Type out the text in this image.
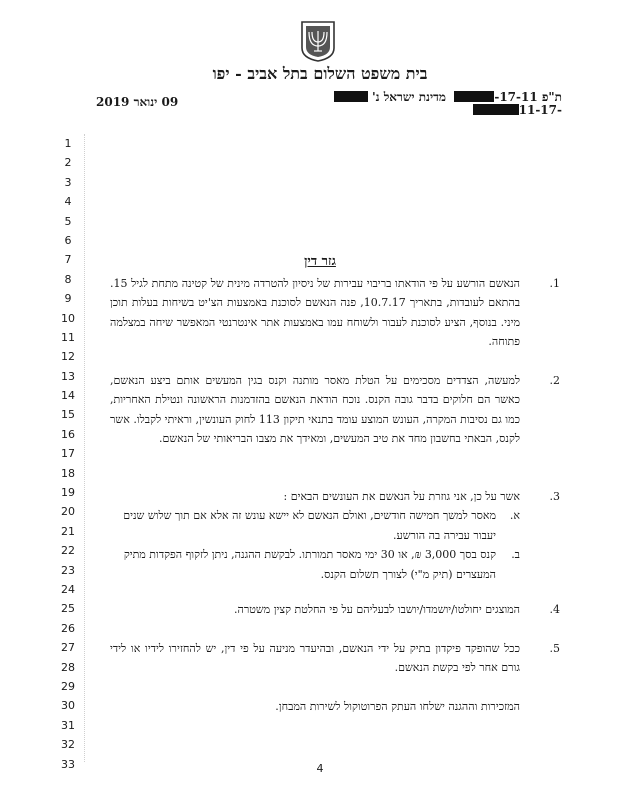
בית משפט השלום בתל אביב - יפו
ת"פ 17-11-  מדינת ישראל נ'
-11-17
09 ינואר 2019
1
2
3
4
5
6
7
8
9
10
11
12
13
14
15
16
17
18
19
20
21
22
23
24
25
26
27
28
29
30
31
32
33
גזר דין
1.
הנאשם הורשע על פי הודאתו בריבוי עבירות של ניסיון להטרדה מינית של קטינה מתחת לגיל 15. בהתאם לעובדות, בתאריך 10.7.17, פנה הנאשם לסוכנת באמצעות הצ'יט בשיחות בעלות תוכן מיני. בנוסף, הציע לסוכנת לעבור ולשוחח עמו באמצעות אתר אינטרנטי המאפשר שיחה במצלמה פתוחה.
2.
למעשה, הצדדים מסכימים על הטלת מאסר מותנה וקנס בגין המעשים אותם ביצע הנאשם, כאשר הם חלוקים בדבר גובה הקנס. נוכח הודאת הנאשם בהזדמנות הראשונה ונטילת האחריות, כמו גם נסיבות המקרה, העונש המוצע עומד בתנאי תיקון 113 לחוק העונשין, וראיתי לקבלו. אשר לקנס, הבאתי בחשבון מחד את טיב המעשים, ומאידך את מצבו הבריאותי של הנאשם.
3.
אשר על כן, אני גוזרת על הנאשם את העונשים הבאים :
א.
מאסר למשך חמישה חודשים, ואולם הנאשם לא יישא עונש זה אלא אם תוך שלוש שנים יעבור עבירה בה הורשע.
ב.
קנס בסך 3,000 ₪, או 30 ימי מאסר תמורתו. לבקשת ההגנה, ניתן לזקוף הפקדות מתיק המעצרים (תיק מ"י) לצורך תשלום הקנס.
4.
המוצגים יחולטו/יושמדו/יושבו לבעליהם על פי החלטת קצין משטרה.
5.
ככל שהופקד פיקדון בתיק על ידי הנאשם, ובהיעדר מניעה על פי דין, יש להחזירו לידיו או לידי גורם אחר לפי בקשת הנאשם.
המזכירות וההגנה ישלחו העתק הפרוטוקול לשירות המבחן.
4
